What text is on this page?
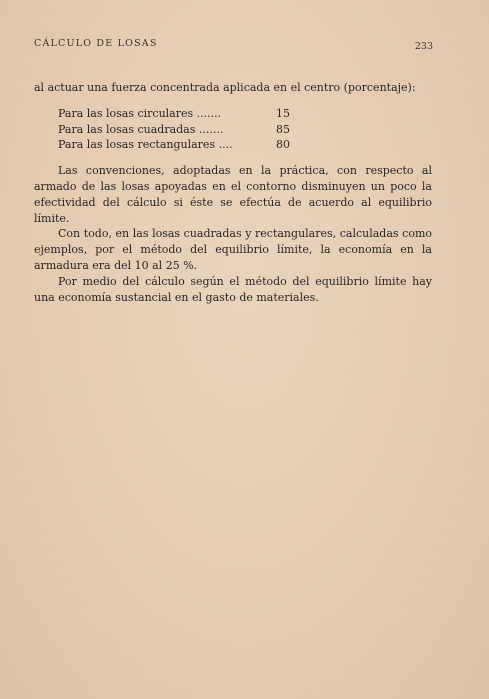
CÁLCULO DE LOSAS	233

al actuar una fuerza concentrada aplicada en el centro (porcentaje):

Para las losas circulares .......	15
Para las losas cuadradas .......	85
Para las losas rectangulares ....	80

Las convenciones, adoptadas en la práctica, con respecto al armado de las losas apoyadas en el contorno disminuyen un poco la efectividad del cálculo si éste se efectúa de acuerdo al equilibrio límite.

Con todo, en las losas cuadradas y rectangulares, calculadas como ejemplos, por el método del equilibrio límite, la economía en la armadura era del 10 al 25 %.

Por medio del cálculo según el método del equilibrio límite hay una economía sustancial en el gasto de materiales.
